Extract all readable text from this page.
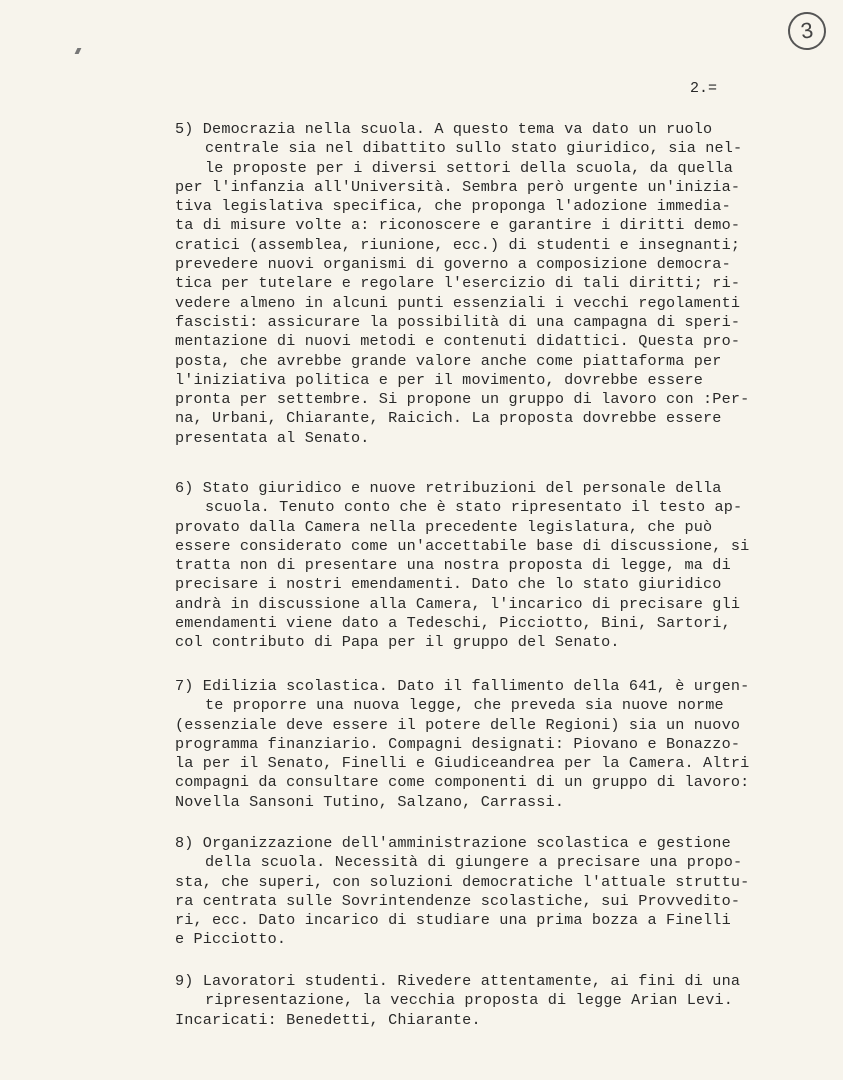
3
2.=
5) Democrazia nella scuola. A questo tema va dato un ruolo
centrale sia nel dibattito sullo stato giuridico, sia nel-
le proposte per i diversi settori della scuola, da quella
per l'infanzia all'Università. Sembra però urgente un'inizia-
tiva legislativa specifica, che proponga l'adozione immedia-
ta di misure volte a: riconoscere e garantire i diritti demo-
cratici (assemblea, riunione, ecc.) di studenti e insegnanti;
prevedere nuovi organismi di governo a composizione democra-
tica per tutelare e regolare l'esercizio di tali diritti; ri-
vedere almeno in alcuni punti essenziali i vecchi regolamenti
fascisti: assicurare la possibilità di una campagna di speri-
mentazione di nuovi metodi e contenuti didattici. Questa pro-
posta, che avrebbe grande valore anche come piattaforma per
l'iniziativa politica e per il movimento, dovrebbe essere
pronta per settembre. Si propone un gruppo di lavoro con :Per-
na, Urbani, Chiarante, Raicich. La proposta dovrebbe essere
presentata al Senato.
6) Stato giuridico e nuove retribuzioni del personale della
scuola. Tenuto conto che è stato ripresentato il testo ap-
provato dalla Camera nella precedente legislatura, che può
essere considerato come un'accettabile base di discussione, si
tratta non di presentare una nostra proposta di legge, ma di
precisare i nostri emendamenti. Dato che lo stato giuridico
andrà in discussione alla Camera, l'incarico di precisare gli
emendamenti viene dato a Tedeschi, Picciotto, Bini, Sartori,
col contributo di Papa per il gruppo del Senato.
7) Edilizia scolastica. Dato il fallimento della 641, è urgen-
te proporre una nuova legge, che preveda sia nuove norme
(essenziale deve essere il potere delle Regioni) sia un nuovo
programma finanziario. Compagni designati: Piovano e Bonazzo-
la per il Senato, Finelli e Giudiceandrea per la Camera. Altri
compagni da consultare come componenti di un gruppo di lavoro:
Novella Sansoni Tutino, Salzano, Carrassi.
8) Organizzazione dell'amministrazione scolastica e gestione
della scuola. Necessità di giungere a precisare una propo-
sta, che superi, con soluzioni democratiche l'attuale struttu-
ra centrata sulle Sovrintendenze scolastiche, sui Provvedito-
ri, ecc. Dato incarico di studiare una prima bozza a Finelli
e Picciotto.
9) Lavoratori studenti. Rivedere attentamente, ai fini di una
ripresentazione, la vecchia proposta di legge Arian Levi.
Incaricati: Benedetti, Chiarante.
